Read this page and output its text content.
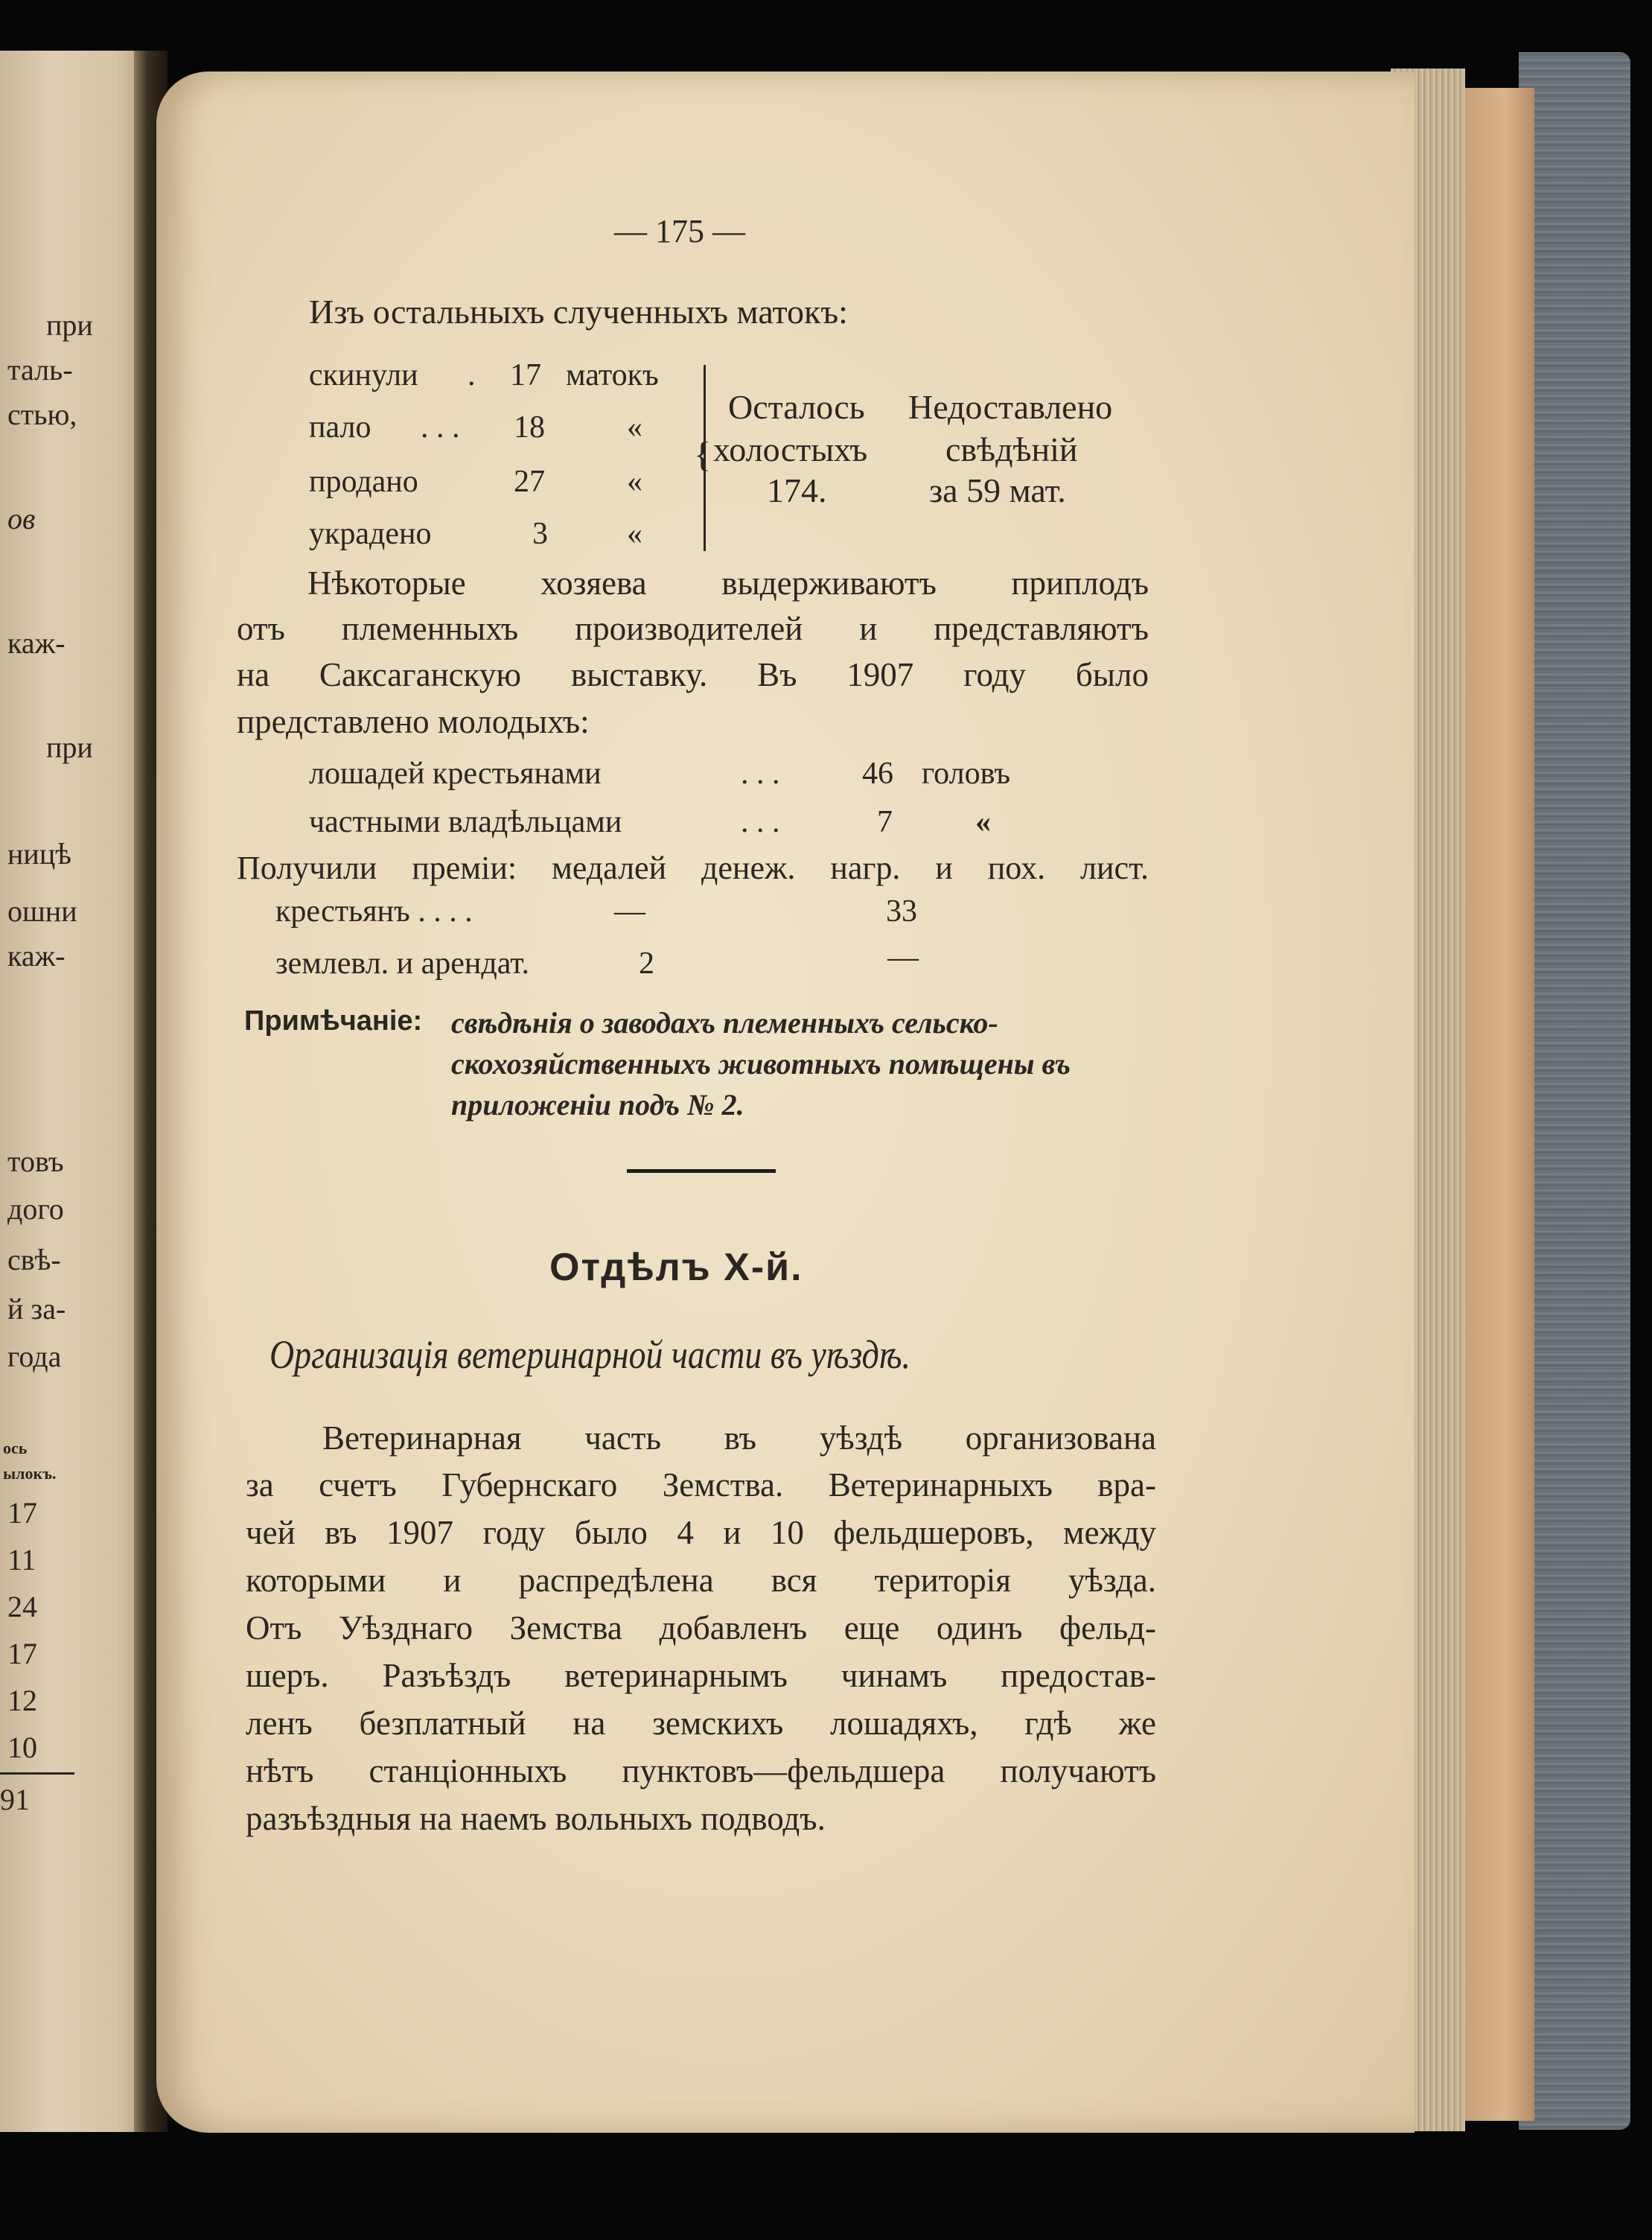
при
таль-
стью,
ов
каж-
при
ницѣ
ошни
каж-
товъ
дого
свѣ-
й за-
года
ось
ылокъ.
17
11
24
17
12
10
91
— 175 —
Изъ остальныхъ слученныхъ матокъ:
скинули . 17 матокъ
пало . . . 18	«
продано	27	«
украдено	3	«
{
Осталось
холостыхъ
174.
Недоставлено
свѣдѣній
за 59 мат.
Нѣкоторые хозяева выдерживаютъ приплодъ
отъ племенныхъ производителей и представляютъ
на Саксаганскую выставку. Въ 1907 году было
представлено молодыхъ:
лошадей крестьянами	. . .	46 головъ
частными владѣльцами	. . .	7	«
Получили преміи: медалей денеж. нагр. и пох. лист.
крестьянъ . . . .	—	33
землевл. и арендат.	2	—
Примѣчаніе: свѣдѣнія о заводахъ племенныхъ сельско-
скохозяйственныхъ животныхъ помѣщены въ
приложеніи подъ № 2.
Отдѣлъ Х-й.
Организація ветеринарной части въ уѣздѣ.
Ветеринарная часть въ уѣздѣ организована
за счетъ Губернскаго Земства. Ветеринарныхъ вра-
чей въ 1907 году было 4 и 10 фельдшеровъ, между
которыми и распредѣлена вся територія уѣзда.
Отъ Уѣзднаго Земства добавленъ еще одинъ фельд-
шеръ. Разъѣздъ ветеринарнымъ чинамъ предостав-
ленъ безплатный на земскихъ лошадяхъ, гдѣ же
нѣтъ станціонныхъ пунктовъ—фельдшера получаютъ
разъѣздныя на наемъ вольныхъ подводъ.
